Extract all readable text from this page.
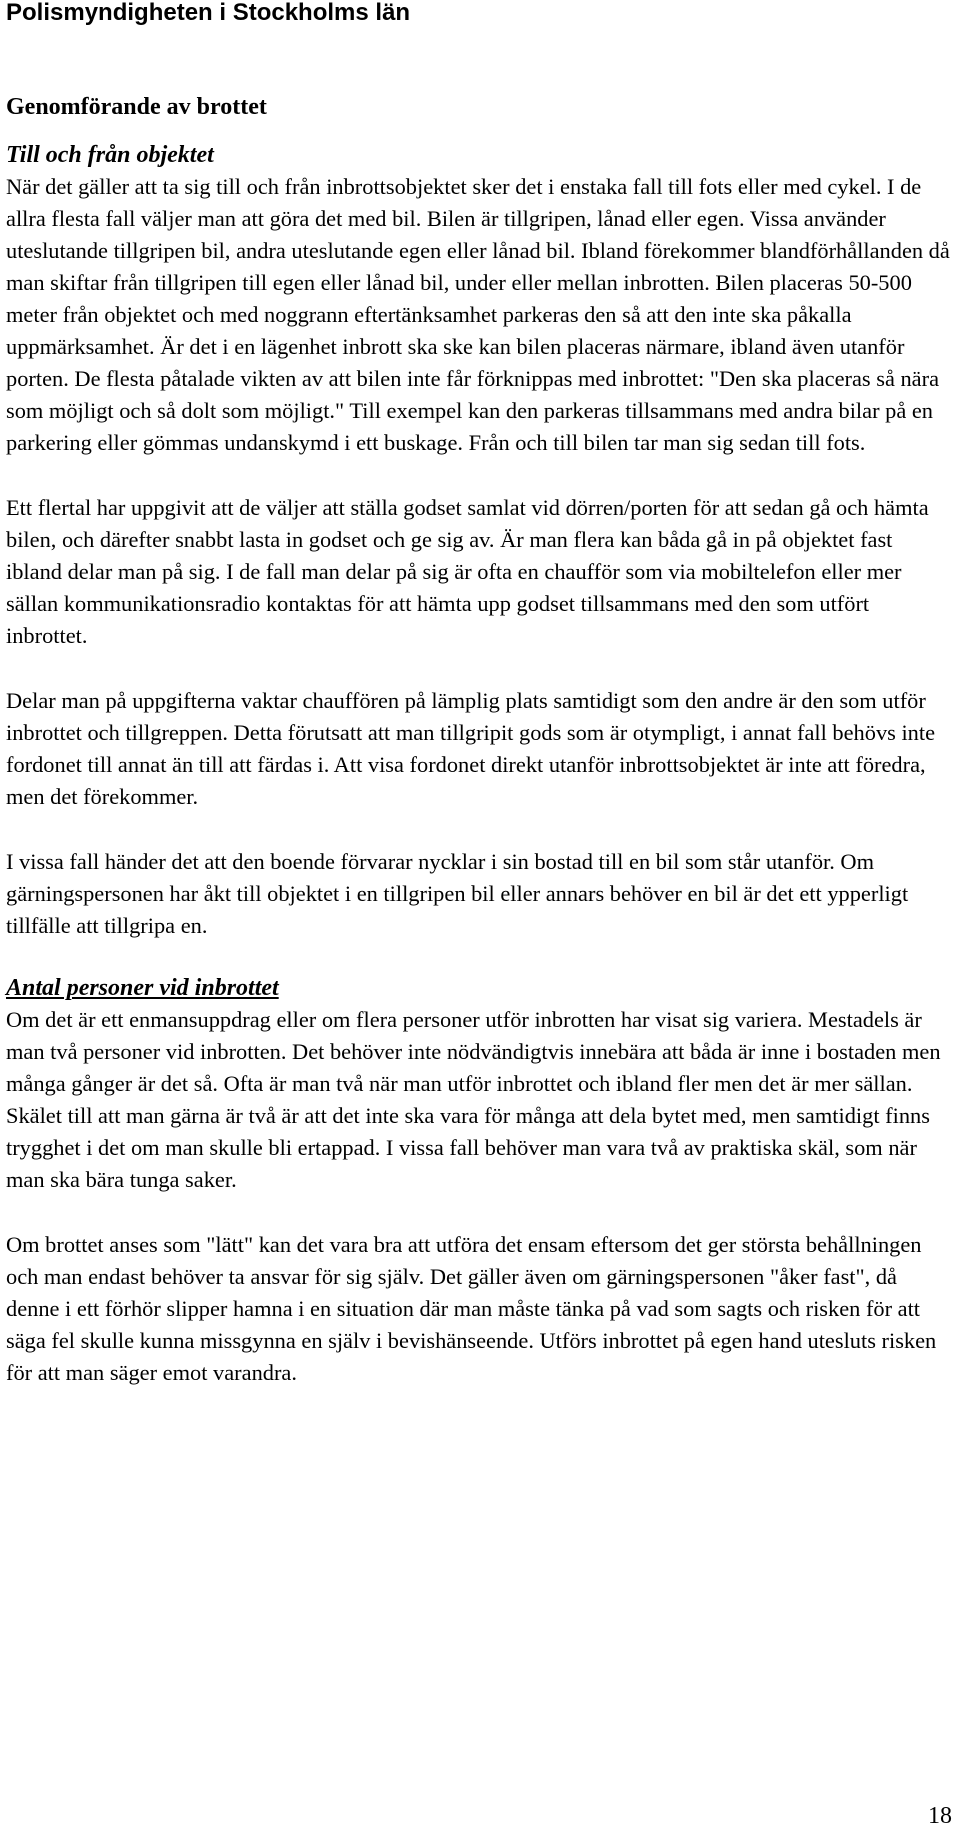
Polismyndigheten i Stockholms län
Genomförande av brottet
Till och från objektet

När det gäller att ta sig till och från inbrottsobjektet sker det i enstaka fall till fots eller med cykel. I de allra flesta fall väljer man att göra det med bil. Bilen är tillgripen, lånad eller egen. Vissa använder uteslutande tillgripen bil, andra uteslutande egen eller lånad bil. Ibland förekommer blandförhållanden då man skiftar från tillgripen till egen eller lånad bil, under eller mellan inbrotten. Bilen placeras 50-500 meter från objektet och med noggrann eftertänksamhet parkeras den så att den inte ska påkalla uppmärksamhet. Är det i en lägenhet inbrott ska ske kan bilen placeras närmare, ibland även utanför porten. De flesta påtalade vikten av att bilen inte får förknippas med inbrottet: "Den ska placeras så nära som möjligt och så dolt som möjligt." Till exempel kan den parkeras tillsammans med andra bilar på en parkering eller gömmas undanskymd i ett buskage. Från och till bilen tar man sig sedan till fots.

Ett flertal har uppgivit att de väljer att ställa godset samlat vid dörren/porten för att sedan gå och hämta bilen, och därefter snabbt lasta in godset och ge sig av. Är man flera kan båda gå in på objektet fast ibland delar man på sig. I de fall man delar på sig är ofta en chaufför som via mobiltelefon eller mer sällan kommunikationsradio kontaktas för att hämta upp godset tillsammans med den som utfört inbrottet.

Delar man på uppgifterna vaktar chauffören på lämplig plats samtidigt som den andre är den som utför inbrottet och tillgreppen. Detta förutsatt att man tillgripit gods som är otympligt, i annat fall behövs inte fordonet till annat än till att färdas i. Att visa fordonet direkt utanför inbrottsobjektet är inte att föredra, men det förekommer.

I vissa fall händer det att den boende förvarar nycklar i sin bostad till en bil som står utanför. Om gärningspersonen har åkt till objektet i en tillgripen bil eller annars behöver en bil är det ett ypperligt tillfälle att tillgripa en.

Antal personer vid inbrottet

Om det är ett enmansuppdrag eller om flera personer utför inbrotten har visat sig variera. Mestadels är man två personer vid inbrotten. Det behöver inte nödvändigtvis innebära att båda är inne i bostaden men många gånger är det så. Ofta är man två när man utför inbrottet och ibland fler men det är mer sällan. Skälet till att man gärna är två är att det inte ska vara för många att dela bytet med, men samtidigt finns trygghet i det om man skulle bli ertappad. I vissa fall behöver man vara två av praktiska skäl, som när man ska bära tunga saker.

Om brottet anses som "lätt" kan det vara bra att utföra det ensam eftersom det ger största behållningen och man endast behöver ta ansvar för sig själv. Det gäller även om gärningspersonen "åker fast", då denne i ett förhör slipper hamna i en situation där man måste tänka på vad som sagts och risken för att säga fel skulle kunna missgynna en själv i bevishänseende. Utförs inbrottet på egen hand utesluts risken för att man säger emot varandra.

18
